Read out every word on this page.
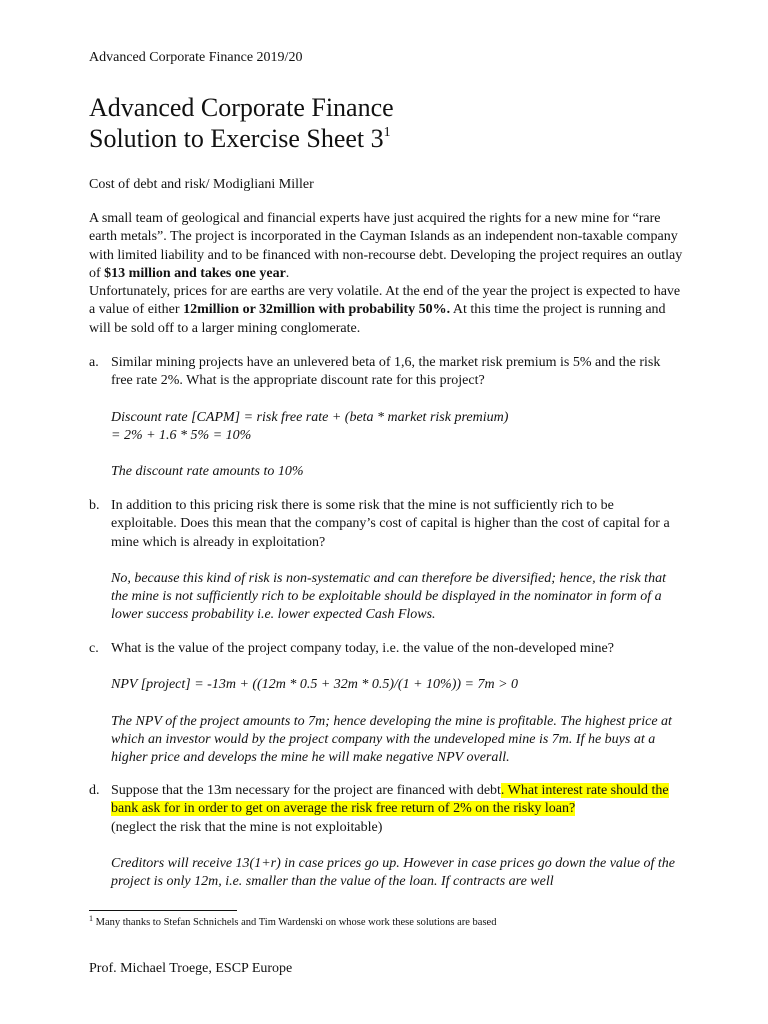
Advanced Corporate Finance 2019/20
Advanced Corporate Finance
Solution to Exercise Sheet $3^1$
Cost of debt and risk/ Modigliani Miller

A small team of geological and financial experts have just acquired the rights for a new mine for “rare earth metals”. The project is incorporated in the Cayman Islands as an independent non-taxable company with limited liability and to be financed with non-recourse debt. Developing the project requires an outlay of $13 million and takes one year.

Unfortunately, prices for are earths are very volatile. At the end of the year the project is expected to have a value of either 12million or 32million with probability 50%. At this time the project is running and will be sold off to a larger mining conglomerate.

a. Similar mining projects have an unlevered beta of 1,6, the market risk premium is 5% and the risk free rate 2%. What is the appropriate discount rate for this project?

Discount rate [CAPM] = risk free rate + (beta * market risk premium)

= 2% + 1.6 * 5% = 10%

The discount rate amounts to 10%

b. In addition to this pricing risk there is some risk that the mine is not sufficiently rich to be exploitable. Does this mean that the company’s cost of capital is higher than the cost of capital for a mine which is already in exploitation?

No, because this kind of risk is non-systematic and can therefore be diversified; hence, the risk that the mine is not sufficiently rich to be exploitable should be displayed in the nominator in form of a lower success probability i.e. lower expected Cash Flows.

c. What is the value of the project company today, i.e. the value of the non-developed mine?

NPV [project] = -13m + ((12m * 0.5 + 32m * 0.5)/(1 + 10%)) = 7m > 0

The NPV of the project amounts to 7m; hence developing the mine is profitable. The highest price at which an investor would by the project company with the undeveloped mine is 7m. If he buys at a higher price and develops the mine he will make negative NPV overall.

d. Suppose that the 13m necessary for the project are financed with debt. What interest rate should the bank ask for in order to get on average the risk free return of 2% on the risky loan?

(neglect the risk that the mine is not exploitable)

Creditors will receive 13(1+r) in case prices go up. However in case prices go down the value of the project is only 12m, i.e. smaller than the value of the loan. If contracts are well

$^1$ Many thanks to Stefan Schnichels and Tim Wardenski on whose work these solutions are based
Prof. Michael Troege, ESCP Europe
